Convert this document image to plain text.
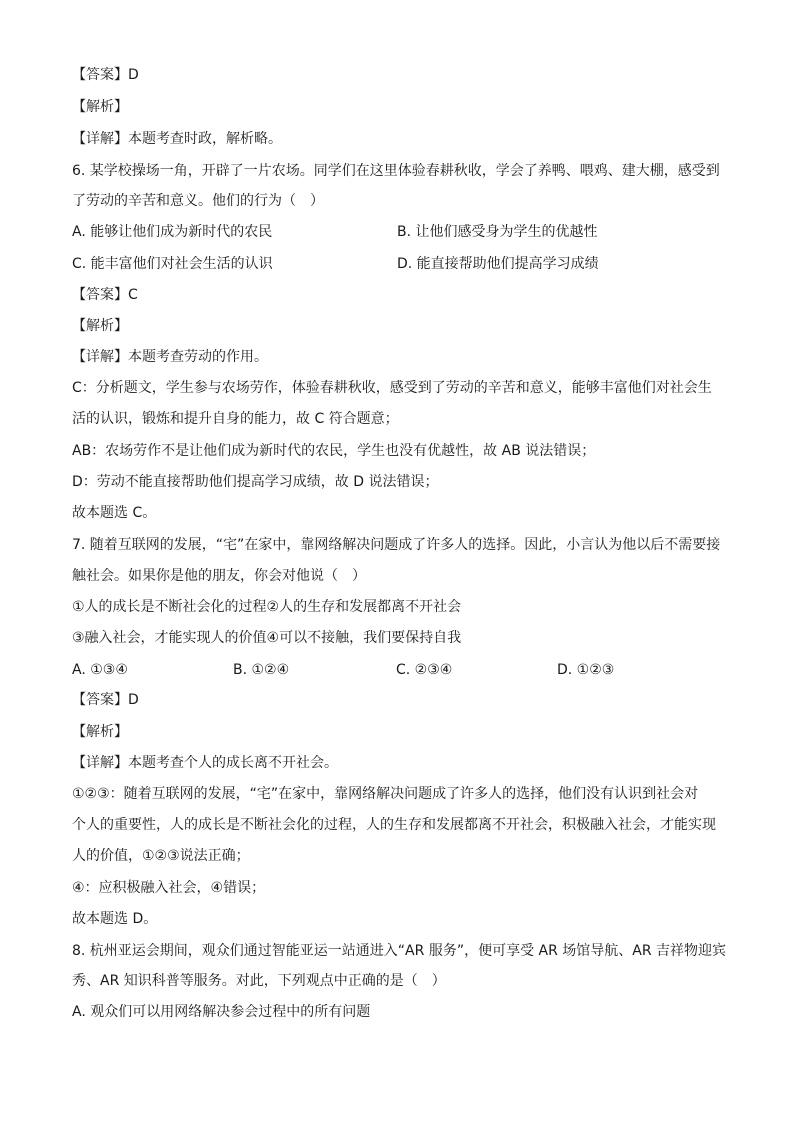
【答案】D
【解析】
【详解】本题考查时政，解析略。
6. 某学校操场一角，开辟了一片农场。同学们在这里体验春耕秋收，学会了养鸭、喂鸡、建大棚，感受到
了劳动的辛苦和意义。他们的行为（　）
A. 能够让他们成为新时代的农民	B. 让他们感受身为学生的优越性
C. 能丰富他们对社会生活的认识	D. 能直接帮助他们提高学习成绩
【答案】C
【解析】
【详解】本题考查劳动的作用。
C：分析题文，学生参与农场劳作，体验春耕秋收，感受到了劳动的辛苦和意义，能够丰富他们对社会生
活的认识，锻炼和提升自身的能力，故 C 符合题意；
AB：农场劳作不是让他们成为新时代的农民，学生也没有优越性，故 AB 说法错误；
D：劳动不能直接帮助他们提高学习成绩，故 D 说法错误；
故本题选 C。
7. 随着互联网的发展，“宅”在家中，靠网络解决问题成了许多人的选择。因此，小言认为他以后不需要接
触社会。如果你是他的朋友，你会对他说（　）
①人的成长是不断社会化的过程②人的生存和发展都离不开社会
③融入社会，才能实现人的价值④可以不接触，我们要保持自我
A. ①③④	B. ①②④	C. ②③④	D. ①②③
【答案】D
【解析】
【详解】本题考查个人的成长离不开社会。
①②③：随着互联网的发展，“宅”在家中，靠网络解决问题成了许多人的选择，他们没有认识到社会对
个人的重要性，人的成长是不断社会化的过程，人的生存和发展都离不开社会，积极融入社会，才能实现
人的价值，①②③说法正确；
④：应积极融入社会，④错误；
故本题选 D。
8. 杭州亚运会期间，观众们通过智能亚运一站通进入“AR 服务”，便可享受 AR 场馆导航、AR 吉祥物迎宾
秀、AR 知识科普等服务。对此，下列观点中正确的是（　）
A. 观众们可以用网络解决参会过程中的所有问题
